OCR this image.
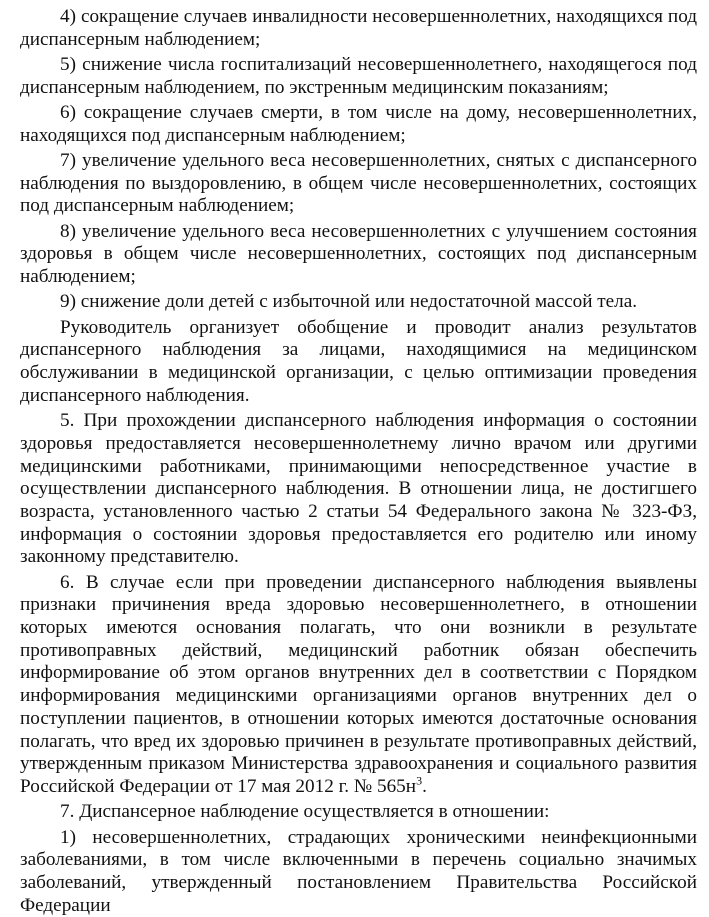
4) сокращение случаев инвалидности несовершеннолетних, находящихся под диспансерным наблюдением;

5) снижение числа госпитализаций несовершеннолетнего, находящегося под диспансерным наблюдением, по экстренным медицинским показаниям;

6) сокращение случаев смерти, в том числе на дому, несовершеннолетних, находящихся под диспансерным наблюдением;

7) увеличение удельного веса несовершеннолетних, снятых с диспансерного наблюдения по выздоровлению, в общем числе несовершеннолетних, состоящих под диспансерным наблюдением;

8) увеличение удельного веса несовершеннолетних с улучшением состояния здоровья в общем числе несовершеннолетних, состоящих под диспансерным наблюдением;

9) снижение доли детей с избыточной или недостаточной массой тела.

Руководитель организует обобщение и проводит анализ результатов диспансерного наблюдения за лицами, находящимися на медицинском обслуживании в медицинской организации, с целью оптимизации проведения диспансерного наблюдения.

5. При прохождении диспансерного наблюдения информация о состоянии здоровья предоставляется несовершеннолетнему лично врачом или другими медицинскими работниками, принимающими непосредственное участие в осуществлении диспансерного наблюдения. В отношении лица, не достигшего возраста, установленного частью 2 статьи 54 Федерального закона № 323-ФЗ, информация о состоянии здоровья предоставляется его родителю или иному законному представителю.

6. В случае если при проведении диспансерного наблюдения выявлены признаки причинения вреда здоровью несовершеннолетнего, в отношении которых имеются основания полагать, что они возникли в результате противоправных действий, медицинский работник обязан обеспечить информирование об этом органов внутренних дел в соответствии с Порядком информирования медицинскими организациями органов внутренних дел о поступлении пациентов, в отношении которых имеются достаточные основания полагать, что вред их здоровью причинен в результате противоправных действий, утвержденным приказом Министерства здравоохранения и социального развития Российской Федерации от 17 мая 2012 г. № $565н^3$.

7. Диспансерное наблюдение осуществляется в отношении:

1) несовершеннолетних, страдающих хроническими неинфекционными заболеваниями, в том числе включенными в перечень социально значимых заболеваний, утвержденный постановлением Правительства Российской Федерации
